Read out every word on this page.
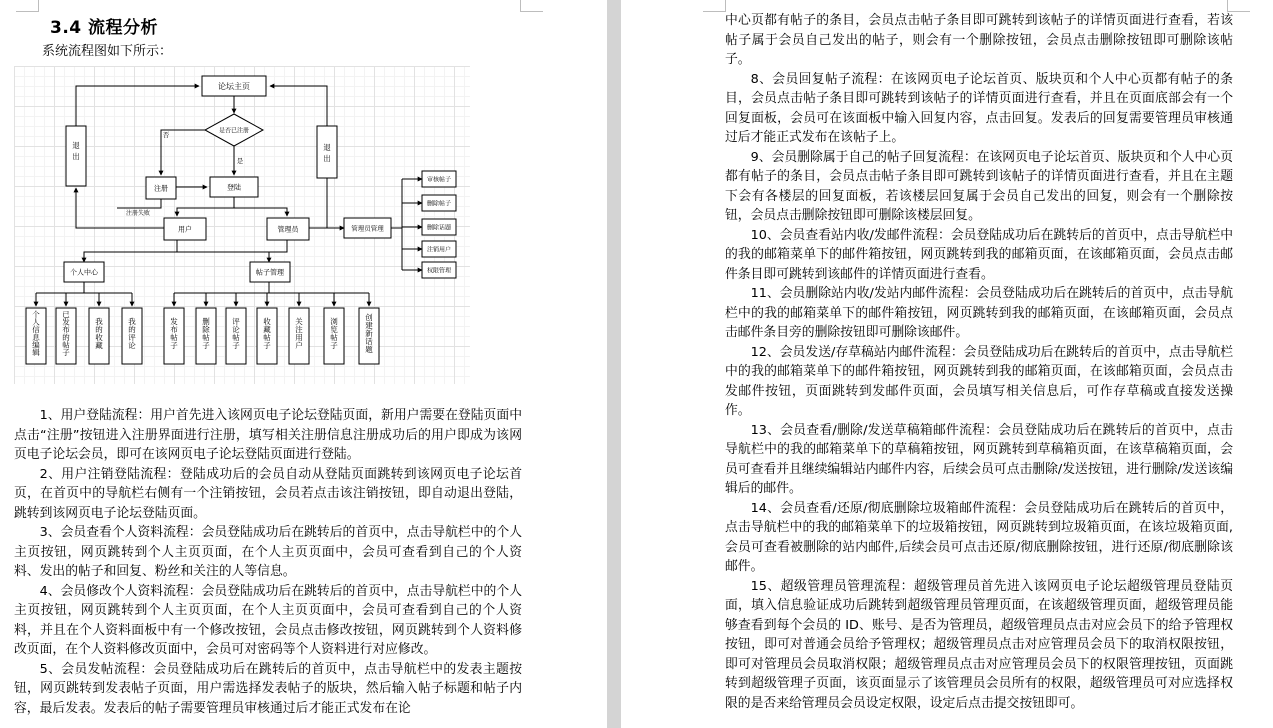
3.4 流程分析
系统流程图如下所示：
论坛主页
是否已注册
否
是
注册	登陆
注册失败
用户	管理员	管理员管理
个人中心	帖子管理
审核帖子
删除帖子
删除话题
注销用户
权限管理
退出
退出
个人信息编辑
已发布的帖子
我的收藏
我的评论
发布帖子
删除帖子
评论帖子
收藏帖子
关注用户
浏览帖子
创建新话题

1、用户登陆流程：用户首先进入该网页电子论坛登陆页面，新用户需要在登陆页面中点击“注册”按钮进入注册界面进行注册，填写相关注册信息注册成功后的用户即成为该网页电子论坛会员，即可在该网页电子论坛登陆页面进行登陆。

2、用户注销登陆流程：登陆成功后的会员自动从登陆页面跳转到该网页电子论坛首页，在首页中的导航栏右侧有一个注销按钮，会员若点击该注销按钮，即自动退出登陆，跳转到该网页电子论坛登陆页面。

3、会员查看个人资料流程：会员登陆成功后在跳转后的首页中，点击导航栏中的个人主页按钮，网页跳转到个人主页页面，在个人主页页面中，会员可查看到自己的个人资料、发出的帖子和回复、粉丝和关注的人等信息。

4、会员修改个人资料流程：会员登陆成功后在跳转后的首页中，点击导航栏中的个人主页按钮，网页跳转到个人主页页面，在个人主页页面中，会员可查看到自己的个人资料，并且在个人资料面板中有一个修改按钮，会员点击修改按钮，网页跳转到个人资料修改页面，在个人资料修改页面中，会员可对密码等个人资料进行对应修改。

5、会员发帖流程：会员登陆成功后在跳转后的首页中，点击导航栏中的发表主题按钮，网页跳转到发表帖子页面，用户需选择发表帖子的版块，然后输入帖子标题和帖子内容，最后发表。发表后的帖子需要管理员审核通过后才能正式发布在论

中心页都有帖子的条目，会员点击帖子条目即可跳转到该帖子的详情页面进行查看，若该帖子属于会员自己发出的帖子，则会有一个删除按钮，会员点击删除按钮即可删除该帖子。

8、会员回复帖子流程：在该网页电子论坛首页、版块页和个人中心页都有帖子的条目，会员点击帖子条目即可跳转到该帖子的详情页面进行查看，并且在页面底部会有一个回复面板，会员可在该面板中输入回复内容，点击回复。发表后的回复需要管理员审核通过后才能正式发布在该帖子上。

9、会员删除属于自己的帖子回复流程：在该网页电子论坛首页、版块页和个人中心页都有帖子的条目，会员点击帖子条目即可跳转到该帖子的详情页面进行查看，并且在主题下会有各楼层的回复面板，若该楼层回复属于会员自己发出的回复，则会有一个删除按钮，会员点击删除按钮即可删除该楼层回复。

10、会员查看站内收/发邮件流程：会员登陆成功后在跳转后的首页中，点击导航栏中的我的邮箱菜单下的邮件箱按钮，网页跳转到我的邮箱页面，在该邮箱页面，会员点击邮件条目即可跳转到该邮件的详情页面进行查看。

11、会员删除站内收/发站内邮件流程：会员登陆成功后在跳转后的首页中，点击导航栏中的我的邮箱菜单下的邮件箱按钮，网页跳转到我的邮箱页面，在该邮箱页面，会员点击邮件条目旁的删除按钮即可删除该邮件。

12、会员发送/存草稿站内邮件流程：会员登陆成功后在跳转后的首页中，点击导航栏中的我的邮箱菜单下的邮件箱按钮，网页跳转到我的邮箱页面，在该邮箱页面，会员点击发邮件按钮，页面跳转到发邮件页面，会员填写相关信息后，可作存草稿或直接发送操作。

13、会员查看/删除/发送草稿箱邮件流程：会员登陆成功后在跳转后的首页中，点击导航栏中的我的邮箱菜单下的草稿箱按钮，网页跳转到草稿箱页面，在该草稿箱页面，会员可查看并且继续编辑站内邮件内容，后续会员可点击删除/发送按钮，进行删除/发送该编辑后的邮件。

14、会员查看/还原/彻底删除垃圾箱邮件流程：会员登陆成功后在跳转后的首页中，点击导航栏中的我的邮箱菜单下的垃圾箱按钮，网页跳转到垃圾箱页面，在该垃圾箱页面,会员可查看被删除的站内邮件,后续会员可点击还原/彻底删除按钮，进行还原/彻底删除该邮件。

15、超级管理员管理流程：超级管理员首先进入该网页电子论坛超级管理员登陆页面，填入信息验证成功后跳转到超级管理员管理页面，在该超级管理页面，超级管理员能够查看到每个会员的 ID、账号、是否为管理员，超级管理员点击对应会员下的给予管理权按钮，即可对普通会员给予管理权；超级管理员点击对应管理员会员下的取消权限按钮，即可对管理员会员取消权限；超级管理员点击对应管理员会员下的权限管理按钮，页面跳转到超级管理子页面，该页面显示了该管理员会员所有的权限，超级管理员可对应选择权限的是否来给管理员会员设定权限，设定后点击提交按钮即可。
